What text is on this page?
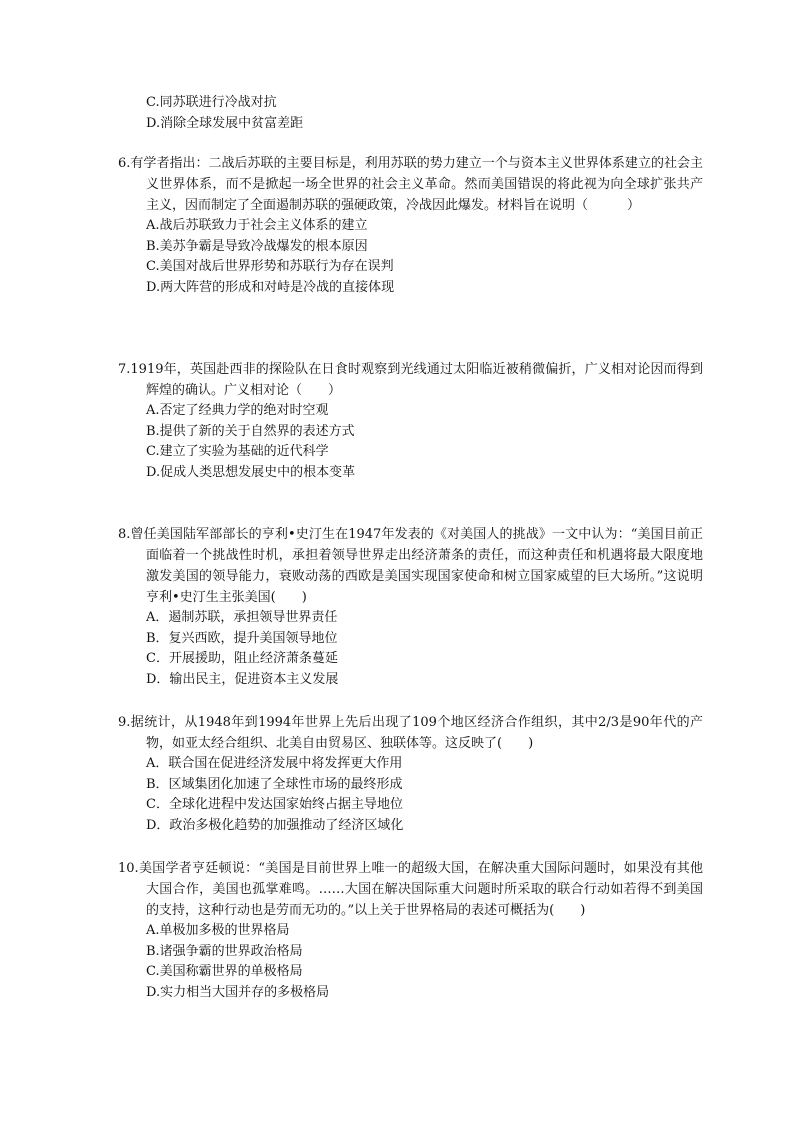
C.同苏联进行冷战对抗
D.消除全球发展中贫富差距
6.有学者指出：二战后苏联的主要目标是，利用苏联的势力建立一个与资本主义世界体系建立的社会主义世界体系，而不是掀起一场全世界的社会主义革命。然而美国错误的将此视为向全球扩张共产主义，因而制定了全面遏制苏联的强硬政策，冷战因此爆发。材料旨在说明（　　　）
A.战后苏联致力于社会主义体系的建立
B.美苏争霸是导致冷战爆发的根本原因
C.美国对战后世界形势和苏联行为存在误判
D.两大阵营的形成和对峙是冷战的直接体现
7.1919年，英国赴西非的探险队在日食时观察到光线通过太阳临近被稍微偏折，广义相对论因而得到辉煌的确认。广义相对论（　　）
A.否定了经典力学的绝对时空观
B.提供了新的关于自然界的表述方式
C.建立了实验为基础的近代科学
D.促成人类思想发展史中的根本变革
8.曾任美国陆军部部长的亨利•史汀生在1947年发表的《对美国人的挑战》一文中认为：“美国目前正面临着一个挑战性时机，承担着领导世界走出经济萧条的责任，而这种责任和机遇将最大限度地激发美国的领导能力，衰败动荡的西欧是美国实现国家使命和树立国家威望的巨大场所。”这说明亨利•史汀生主张美国(　　)
A．遏制苏联，承担领导世界责任
B．复兴西欧，提升美国领导地位
C．开展援助，阻止经济萧条蔓延
D．输出民主，促进资本主义发展
9.据统计，从1948年到1994年世界上先后出现了109个地区经济合作组织，其中2/3是90年代的产物，如亚太经合组织、北美自由贸易区、独联体等。这反映了(　　)
A．联合国在促进经济发展中将发挥更大作用
B．区域集团化加速了全球性市场的最终形成
C．全球化进程中发达国家始终占据主导地位
D．政治多极化趋势的加强推动了经济区域化
10.美国学者亨廷顿说：“美国是目前世界上唯一的超级大国，在解决重大国际问题时，如果没有其他大国合作，美国也孤掌难鸣。……大国在解决国际重大问题时所采取的联合行动如若得不到美国的支持，这种行动也是劳而无功的。”以上关于世界格局的表述可概括为(　　)
A.单极加多极的世界格局
B.诸强争霸的世界政治格局
C.美国称霸世界的单极格局
D.实力相当大国并存的多极格局
